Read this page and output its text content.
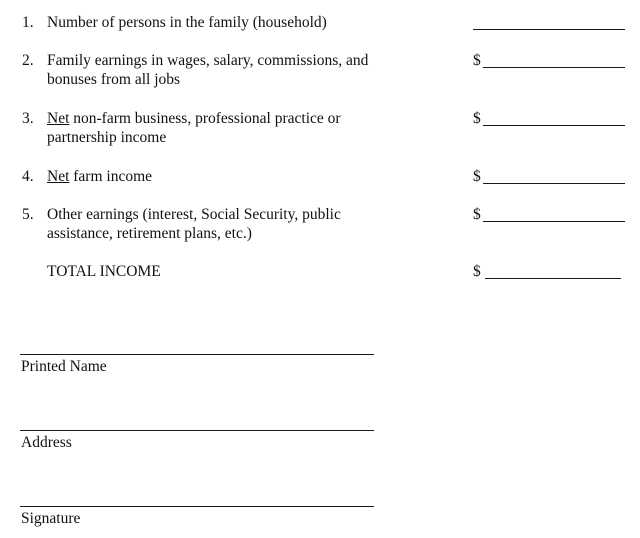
1. Number of persons in the family (household)
2. Family earnings in wages, salary, commissions, and
bonuses from all jobs
$
3. Net non-farm business, professional practice or
partnership income
$
4. Net farm income	$
5. Other earnings (interest, Social Security, public
assistance, retirement plans, etc.)
$
TOTAL INCOME	$
Printed Name
Address
Signature
